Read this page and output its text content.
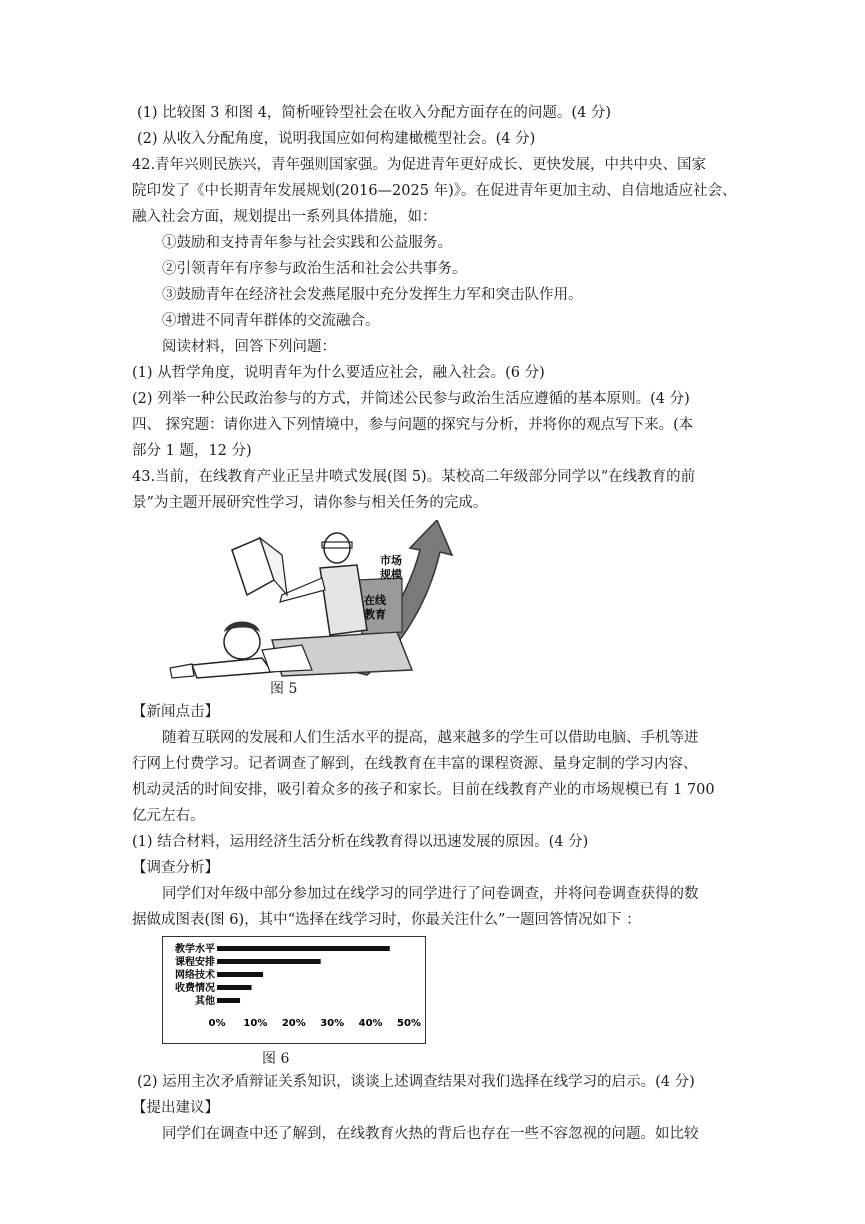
(1) 比较图 3 和图 4，简析哑铃型社会在收入分配方面存在的问题。(4 分)
(2) 从收入分配角度，说明我国应如何构建橄榄型社会。(4 分)
42.青年兴则民族兴，青年强则国家强。为促进青年更好成长、更快发展，中共中央、国家
院印发了《中长期青年发展规划(2016—2025 年)》。在促进青年更加主动、自信地适应社会、
融入社会方面，规划提出一系列具体措施，如：
①鼓励和支持青年参与社会实践和公益服务。
②引领青年有序参与政治生活和社会公共事务。
③鼓励青年在经济社会发燕尾服中充分发挥生力军和突击队作用。
④增进不同青年群体的交流融合。
阅读材料，回答下列问题：
(1) 从哲学角度，说明青年为什么要适应社会，融入社会。(6 分)
(2) 列举一种公民政治参与的方式，并简述公民参与政治生活应遵循的基本原则。(4 分)
四、 探究题：请你进入下列情境中，参与问题的探究与分析，并将你的观点写下来。(本
部分 1 题，12 分)
43.当前，在线教育产业正呈井喷式发展(图 5)。某校高二年级部分同学以“在线教育的前
景”为主题开展研究性学习，请你参与相关任务的完成。
市场
规模
在线
教育
图 5
【新闻点击】
随着互联网的发展和人们生活水平的提高，越来越多的学生可以借助电脑、手机等进
行网上付费学习。记者调查了解到，在线教育在丰富的课程资源、量身定制的学习内容、
机动灵活的时间安排，吸引着众多的孩子和家长。目前在线教育产业的市场规模已有 1 700
亿元左右。
(1) 结合材料，运用经济生活分析在线教育得以迅速发展的原因。(4 分)
【调查分析】
同学们对年级中部分参加过在线学习的同学进行了问卷调查，并将问卷调查获得的数
据做成图表(图 6)，其中“选择在线学习时，你最关注什么”一题回答情况如下 ：
教学水平
课程安排
网络技术
收费情况
其他
0% 10% 20% 30% 40% 50%
图 6
(2) 运用主次矛盾辩证关系知识，谈谈上述调查结果对我们选择在线学习的启示。(4 分)
【提出建议】
同学们在调查中还了解到，在线教育火热的背后也存在一些不容忽视的问题。如比较
